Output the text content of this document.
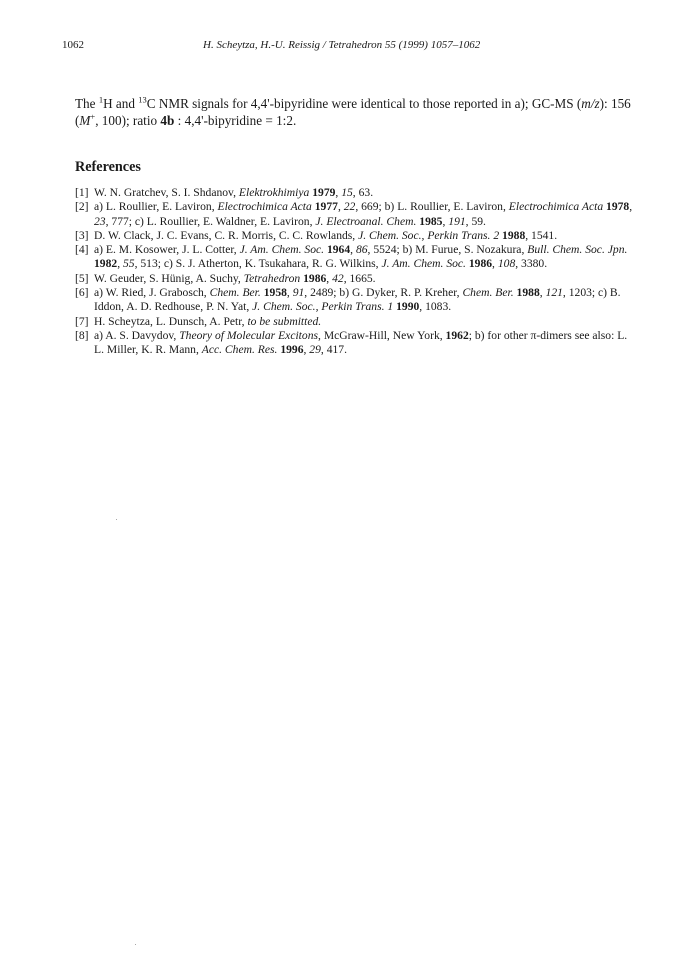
1062	H. Scheytza, H.-U. Reissig / Tetrahedron 55 (1999) 1057–1062

The $^1$H and $^{13}$C NMR signals for 4,4'-bipyridine were identical to those reported in a); GC-MS (m/z): 156 (M+, 100); ratio 4b : 4,4'-bipyridine = 1:2.

References
[1] W. N. Gratchev, S. I. Shdanov, Elektrokhimiya 1979, 15, 63.
[2] a) L. Roullier, E. Laviron, Electrochimica Acta 1977, 22, 669; b) L. Roullier, E. Laviron, Electrochimica Acta 1978, 23, 777; c) L. Roullier, E. Waldner, E. Laviron, J. Electroanal. Chem. 1985, 191, 59.
[3] D. W. Clack, J. C. Evans, C. R. Morris, C. C. Rowlands, J. Chem. Soc., Perkin Trans. 2 1988, 1541.
[4] a) E. M. Kosower, J. L. Cotter, J. Am. Chem. Soc. 1964, 86, 5524; b) M. Furue, S. Nozakura, Bull. Chem. Soc. Jpn. 1982, 55, 513; c) S. J. Atherton, K. Tsukahara, R. G. Wilkins, J. Am. Chem. Soc. 1986, 108, 3380.
[5] W. Geuder, S. Hünig, A. Suchy, Tetrahedron 1986, 42, 1665.
[6] a) W. Ried, J. Grabosch, Chem. Ber. 1958, 91, 2489; b) G. Dyker, R. P. Kreher, Chem. Ber. 1988, 121, 1203; c) B. Iddon, A. D. Redhouse, P. N. Yat, J. Chem. Soc., Perkin Trans. 1 1990, 1083.
[7] H. Scheytza, L. Dunsch, A. Petr, to be submitted.
[8] a) A. S. Davydov, Theory of Molecular Excitons, McGraw-Hill, New York, 1962; b) for other π-dimers see also: L. L. Miller, K. R. Mann, Acc. Chem. Res. 1996, 29, 417.
